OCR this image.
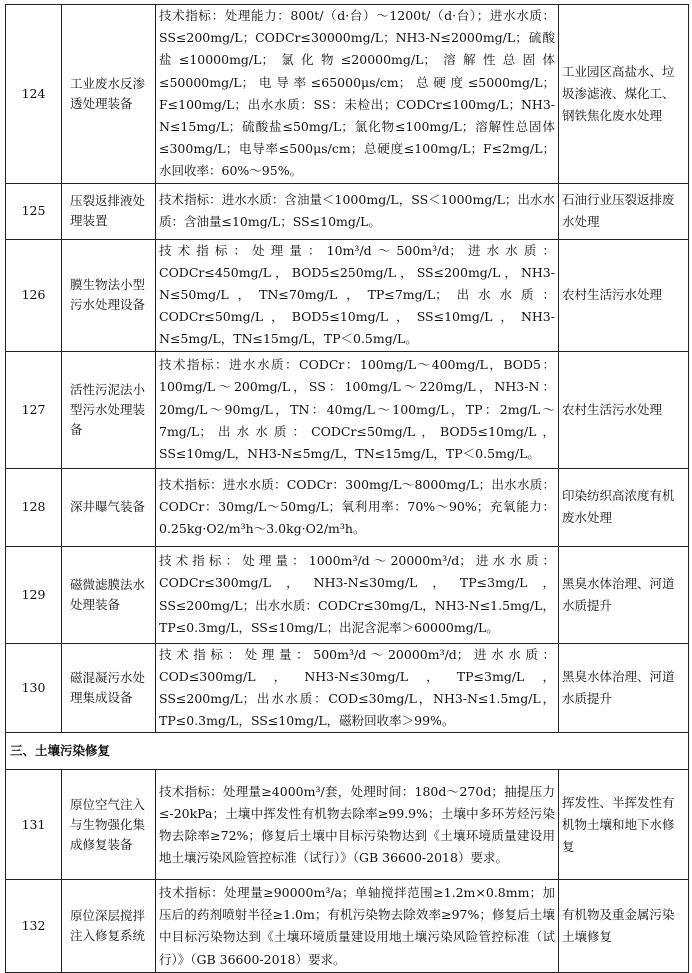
124	工业废水反渗透处理装备	技术指标：处理能力：800t/（d·台）～1200t/（d·台）；进水水质：SS≤200mg/L；CODCr≤30000mg/L；NH3-N≤2000mg/L；硫酸盐≤10000mg/L；氯化物≤20000mg/L；溶解性总固体≤50000mg/L；电导率≤65000μs/cm；总硬度≤5000mg/L；F≤100mg/L；出水水质：SS：未检出；CODCr≤100mg/L；NH3-N≤15mg/L；硫酸盐≤50mg/L；氯化物≤100mg/L；溶解性总固体≤300mg/L；电导率≤500μs/cm；总硬度≤100mg/L；F≤2mg/L；水回收率：60%～95%。	工业园区高盐水、垃圾渗滤液、煤化工、钢铁焦化废水处理
125	压裂返排液处理装置	技术指标：进水水质：含油量＜1000mg/L，SS＜1000mg/L；出水水质：含油量≤10mg/L；SS≤10mg/L。	石油行业压裂返排废水处理
126	膜生物法小型污水处理设备	技术指标：处理量：10m³/d～500m³/d；进水水质：CODCr≤450mg/L，BOD5≤250mg/L，SS≤200mg/L，NH3-N≤50mg/L，TN≤70mg/L，TP≤7mg/L；出水水质：CODCr≤50mg/L，BOD5≤10mg/L，SS≤10mg/L，NH3-N≤5mg/L，TN≤15mg/L，TP＜0.5mg/L。	农村生活污水处理
127	活性污泥法小型污水处理装备	技术指标：进水水质：CODCr：100mg/L～400mg/L，BOD5：100mg/L～200mg/L，SS：100mg/L～220mg/L，NH3-N：20mg/L～90mg/L，TN：40mg/L～100mg/L，TP：2mg/L～7mg/L；出水水质：CODCr≤50mg/L，BOD5≤10mg/L，SS≤10mg/L，NH3-N≤5mg/L，TN≤15mg/L，TP＜0.5mg/L。	农村生活污水处理
128	深井曝气装备	技术指标：进水水质：CODCr：300mg/L～8000mg/L；出水水质：CODCr：30mg/L～50mg/L；氧利用率：70%～90%；充氧能力：0.25kg·O2/m³h～3.0kg·O2/m³h。	印染纺织高浓度有机废水处理
129	磁微滤膜法水处理装备	技术指标：处理量：1000m³/d～20000m³/d；进水水质：CODCr≤300mg/L，NH3-N≤30mg/L，TP≤3mg/L，SS≤200mg/L；出水水质：CODCr≤30mg/L，NH3-N≤1.5mg/L，TP≤0.3mg/L，SS≤10mg/L；出泥含泥率＞60000mg/L。	黑臭水体治理、河道水质提升
130	磁混凝污水处理集成设备	技术指标：处理量：500m³/d～20000m³/d；进水水质：COD≤300mg/L，NH3-N≤30mg/L，TP≤3mg/L，SS≤200mg/L；出水水质：COD≤30mg/L，NH3-N≤1.5mg/L，TP≤0.3mg/L，SS≤10mg/L，磁粉回收率＞99%。	黑臭水体治理、河道水质提升
三、土壤污染修复			
131	原位空气注入与生物强化集成修复装备	技术指标：处理量≥4000m³/套，处理时间：180d～270d；抽提压力≤-20kPa；土壤中挥发性有机物去除率≥99.9%；土壤中多环芳烃污染物去除率≥72%；修复后土壤中目标污染物达到《土壤环境质量建设用地土壤污染风险管控标准（试行）》（GB 36600-2018）要求。	挥发性、半挥发性有机物土壤和地下水修复
132	原位深层搅拌注入修复系统	技术指标：处理量≥90000m³/a；单轴搅拌范围≥1.2m×0.8mm；加压后的药剂喷射半径≥1.0m；有机污染物去除效率≥97%；修复后土壤中目标污染物达到《土壤环境质量建设用地土壤污染风险管控标准（试行）》（GB 36600-2018）要求。	有机物及重金属污染土壤修复
